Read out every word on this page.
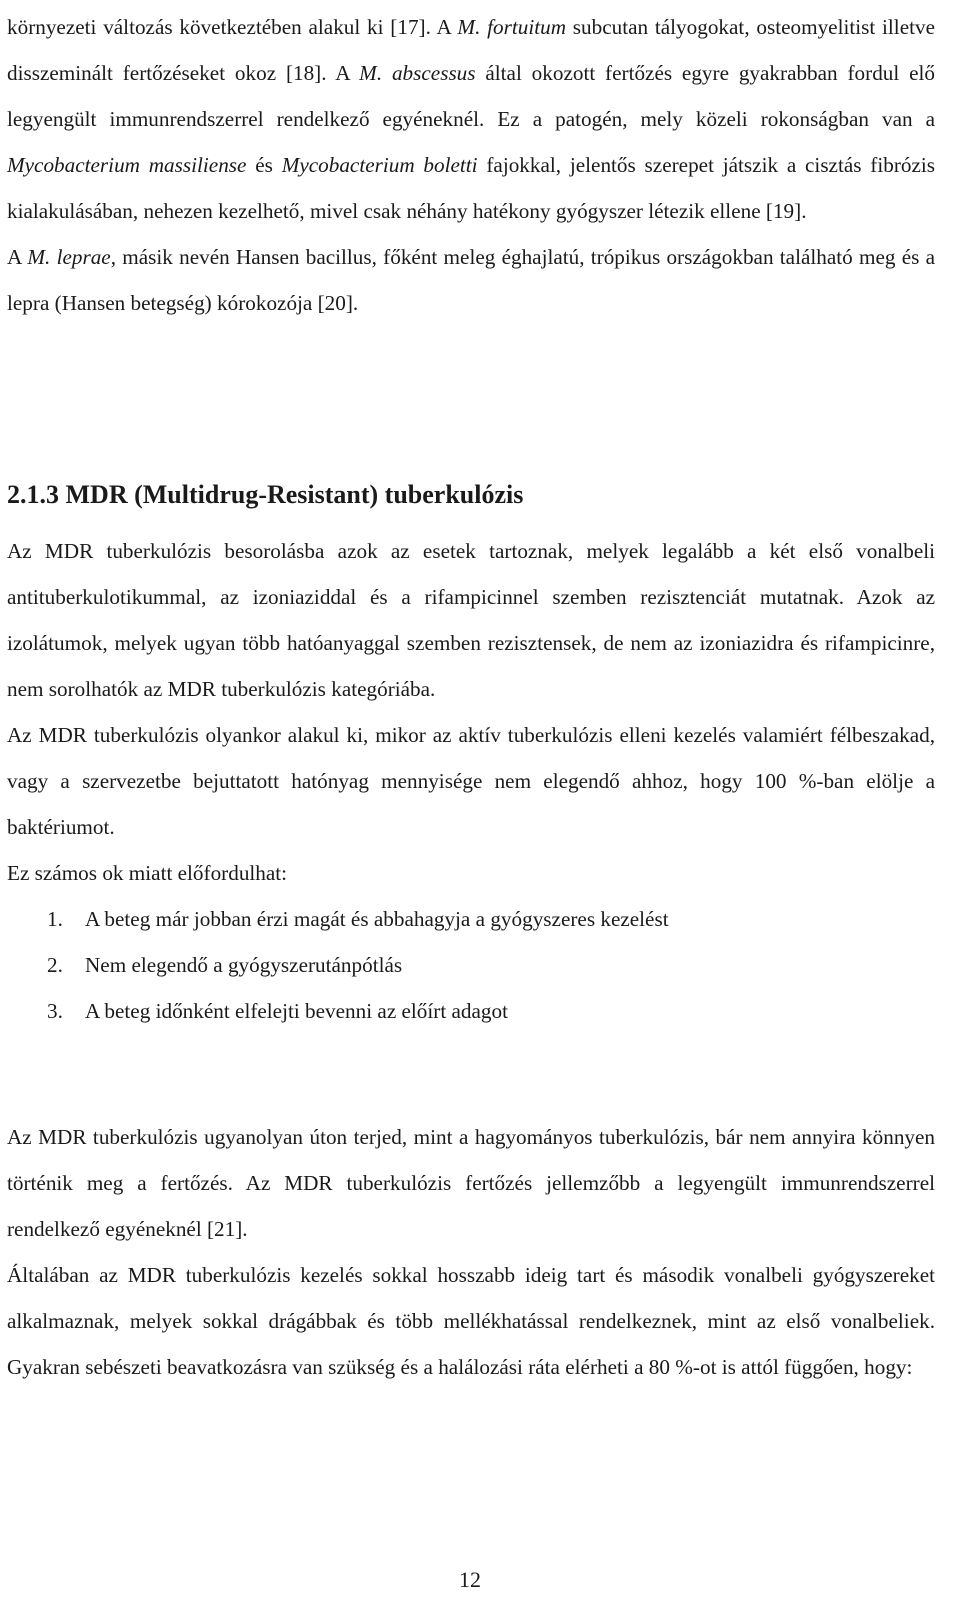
környezeti változás következtében alakul ki [17]. A M. fortuitum subcutan tályogokat, osteomyelitist illetve disszeminált fertőzéseket okoz [18]. A M. abscessus által okozott fertőzés egyre gyakrabban fordul elő legyengült immunrendszerrel rendelkező egyéneknél. Ez a patogén, mely közeli rokonságban van a Mycobacterium massiliense és Mycobacterium boletti fajokkal, jelentős szerepet játszik a cisztás fibrózis kialakulásában, nehezen kezelhető, mivel csak néhány hatékony gyógyszer létezik ellene [19].

A M. leprae, másik nevén Hansen bacillus, főként meleg éghajlatú, trópikus országokban található meg és a lepra (Hansen betegség) kórokozója [20].

2.1.3 MDR (Multidrug-Resistant) tuberkulózis

Az MDR tuberkulózis besorolásba azok az esetek tartoznak, melyek legalább a két első vonalbeli antituberkulotikummal, az izoniaziddal és a rifampicinnel szemben rezisztenciát mutatnak. Azok az izolátumok, melyek ugyan több hatóanyaggal szemben rezisztensek, de nem az izoniazidra és rifampicinre, nem sorolhatók az MDR tuberkulózis kategóriába.

Az MDR tuberkulózis olyankor alakul ki, mikor az aktív tuberkulózis elleni kezelés valamiért félbeszakad, vagy a szervezetbe bejuttatott hatónyag mennyisége nem elegendő ahhoz, hogy 100 %-ban elölje a baktériumot.

Ez számos ok miatt előfordulhat:

1.	A beteg már jobban érzi magát és abbahagyja a gyógyszeres kezelést
2.	Nem elegendő a gyógyszerutánpótlás
3.	A beteg időnként elfelejti bevenni az előírt adagot

Az MDR tuberkulózis ugyanolyan úton terjed, mint a hagyományos tuberkulózis, bár nem annyira könnyen történik meg a fertőzés. Az MDR tuberkulózis fertőzés jellemzőbb a legyengült immunrendszerrel rendelkező egyéneknél [21].

Általában az MDR tuberkulózis kezelés sokkal hosszabb ideig tart és második vonalbeli gyógyszereket alkalmaznak, melyek sokkal drágábbak és több mellékhatással rendelkeznek, mint az első vonalbeliek. Gyakran sebészeti beavatkozásra van szükség és a halálozási ráta elérheti a 80 %-ot is attól függően, hogy:

12
